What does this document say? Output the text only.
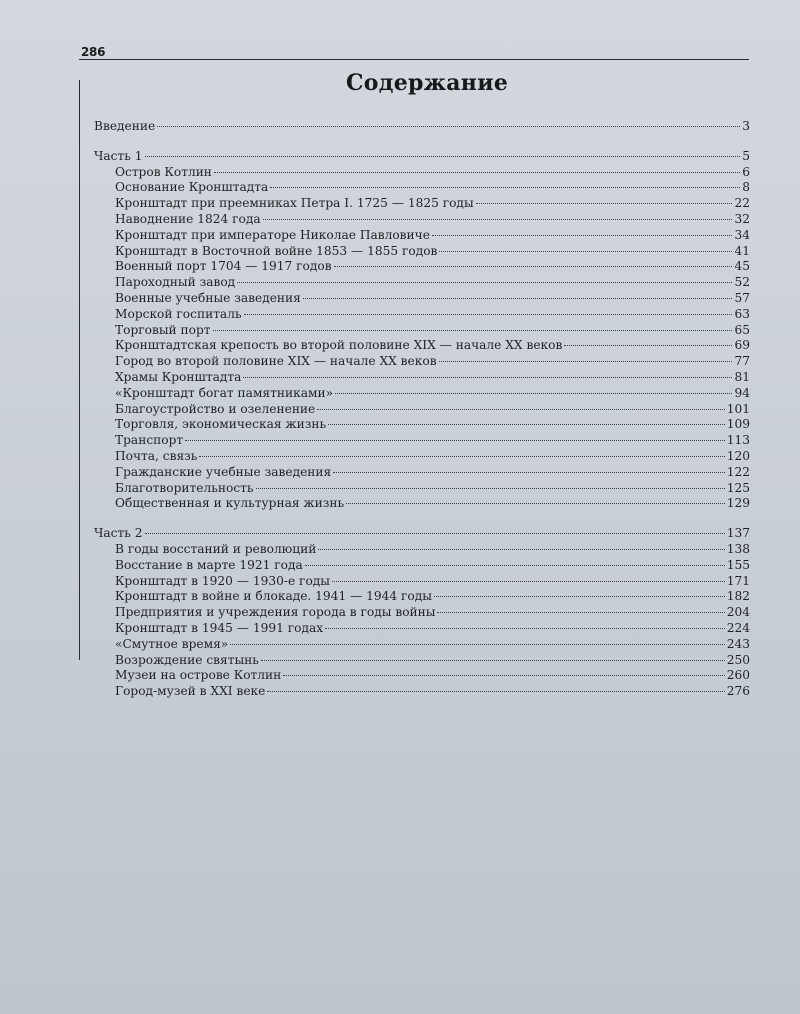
286
Содержание
Введение	3
Часть 1	5
Остров Котлин	6
Основание Кронштадта	8
Кронштадт при преемниках Петра I. 1725 — 1825 годы	22
Наводнение 1824 года	32
Кронштадт при императоре Николае Павловиче	34
Кронштадт в Восточной войне 1853 — 1855 годов	41
Военный порт 1704 — 1917 годов	45
Пароходный завод	52
Военные учебные заведения	57
Морской госпиталь	63
Торговый порт	65
Кронштадтская крепость во второй половине XIX — начале XX веков	69
Город во второй половине XIX — начале XX веков	77
Храмы Кронштадта	81
«Кронштадт богат памятниками»	94
Благоустройство и озеленение	101
Торговля, экономическая жизнь	109
Транспорт	113
Почта, связь	120
Гражданские учебные заведения	122
Благотворительность	125
Общественная и культурная жизнь	129
Часть 2	137
В годы восстаний и революций	138
Восстание в марте 1921 года	155
Кронштадт в 1920 — 1930-е годы	171
Кронштадт в войне и блокаде. 1941 — 1944 годы	182
Предприятия и учреждения города в годы войны	204
Кронштадт в 1945 — 1991 годах	224
«Смутное время»	243
Возрождение святынь	250
Музеи на острове Котлин	260
Город-музей в XXI веке	276
